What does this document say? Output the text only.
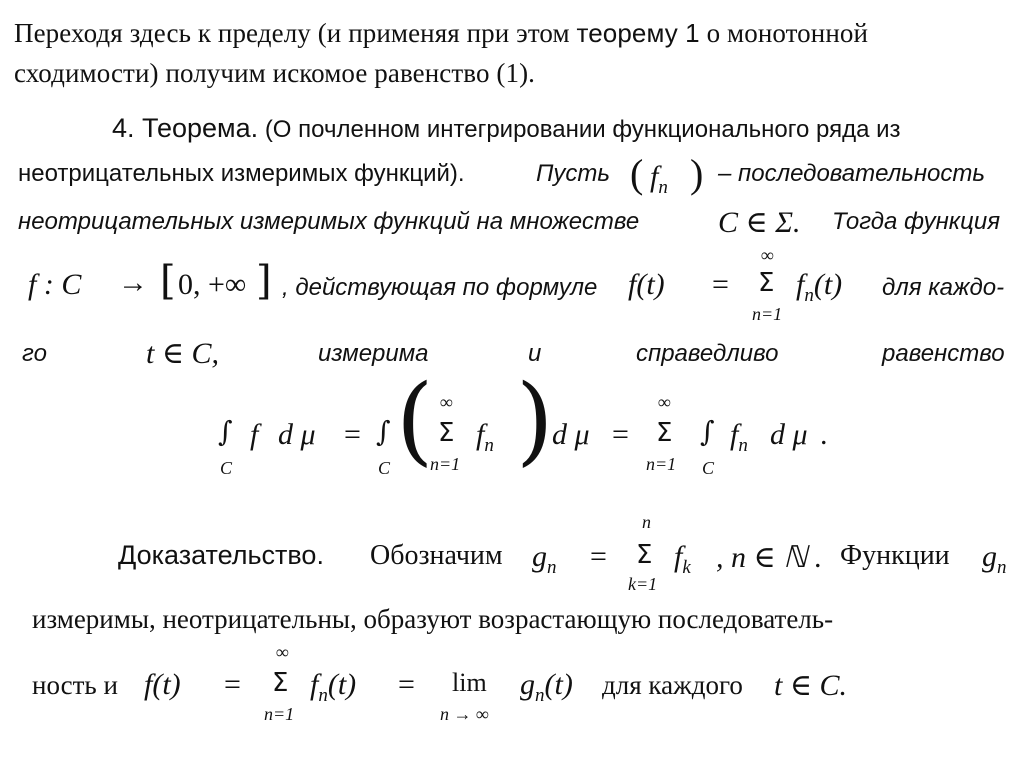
Переходя здесь к пределу (и применяя при этом теорему 1 о монотонной
сходимости) получим искомое равенство (1).
4. Теорема. (О почленном интегрировании функционального ряда из
неотрицательных измеримых функций).	Пусть ( $f_n$ ) – последовательность
неотрицательных измеримых функций на множестве	C ∈ Σ. Тогда функция
f : C → [ 0, +∞ ] , действующая по формуле f(t) =
∞
Σ
n=1
$f_n(t)$ для каждо-
го	t ∈ C,	измерима	и	справедливо	равенство
∫
C
f d μ = ∫
C ( ∞
Σ
n=1
$f_n$ )
d μ =
∞
Σ
n=1
∫
C
$f_n$ d μ .
Доказательство. Обозначим $g_n$ =
n
Σ
k=1
$f_k$ , n ∈ ℕ . Функции $g_n$
измеримы, неотрицательны, образуют возрастающую последователь-
ность и f(t) =
∞
Σ
n=1
$f_n(t) = \lim$
n → ∞
$g_n(t)$ для каждого t ∈ C.
